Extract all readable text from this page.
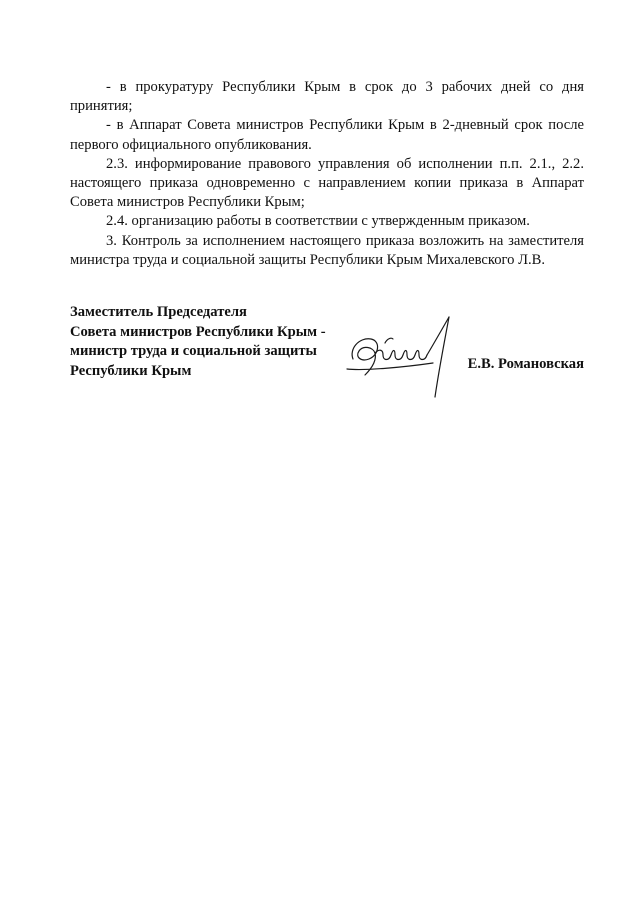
- в прокуратуру Республики Крым в срок до 3 рабочих дней со дня принятия;

- в Аппарат Совета министров Республики Крым в 2-дневный срок после первого официального опубликования.

2.3. информирование правового управления об исполнении п.п. 2.1., 2.2. настоящего приказа одновременно с направлением копии приказа в Аппарат Совета министров Республики Крым;

2.4. организацию работы в соответствии с утвержденным приказом.

3. Контроль за исполнением настоящего приказа возложить на заместителя министра труда и социальной защиты Республики Крым Михалевского Л.В.

Заместитель Председателя
Совета министров Республики Крым -
министр труда и социальной защиты
Республики Крым	Е.В. Романовская
